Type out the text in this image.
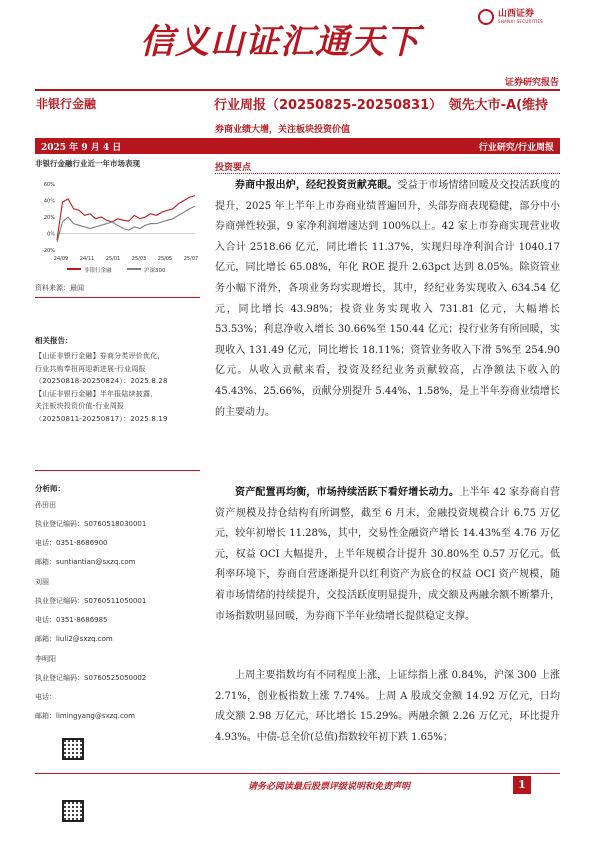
信义山证汇通天下
山西证券
SHANXI SECURITIES
证券研究报告
非银行金融	行业周报（20250825-20250831）　领先大市-A(维持
券商业绩大增，关注板块投资价值
2025 年 9 月 4 日	行业研究/行业周报
非银行金融行业近一年市场表现
60%
40%
20%
0%
-20%
24/09 24/11 25/01 25/03 25/05 25/07
非银行金融	沪深300
资料来源：最闻
相关报告：
【山证非银行金融】券商分类评价优化，
行业共购奉扭再迎新进展-行业周报
（20250818-20250824）：2025.8.28
【山证非银行金融】半年报陆续披露，
关注板块投资价值-行业周报
（20250811-20250817）：2025.8.19
分析师：
孙田田
执业登记编码：S0760518030001
电话：0351-8686900
邮箱：suntiantian@sxzq.com
刘丽
执业登记编码：S0760511050001
电话：0351-8686985
邮箱：liuli2@sxzq.com
李明阳
执业登记编码：S0760525050002
电话：
邮箱：limingyang@sxzq.com
投资要点
券商中报出炉，经纪投资贡献亮眼。受益于市场情绪回暖及交投活跃度的提升，2025 年上半年上市券商业绩普遍回升，头部券商表现稳健，部分中小券商弹性较强，9 家净利润增速达到 100%以上。42 家上市券商实现营业收入合计 2518.66 亿元，同比增长 11.37%，实现归母净利润合计 1040.17 亿元，同比增长 65.08%，年化 ROE 提升 2.63pct 达到 8.05%。除资管业务小幅下滑外，各项业务均实现增长，其中，经纪业务实现收入 634.54 亿元，同比增长 43.98%；投资业务实现收入 731.81 亿元，大幅增长 53.53%；利息净收入增长 30.66%至 150.44 亿元；投行业务有所回暖，实现收入 131.49 亿元，同比增长 18.11%；资管业务收入下滑 5%至 254.90 亿元。从收入贡献来看，投资及经纪业务贡献较高，占净额法下收入的 45.43%、25.66%，贡献分别提升 5.44%、1.58%，是上半年券商业绩增长的主要动力。
资产配置再均衡，市场持续活跃下看好增长动力。上半年 42 家券商自营资产规模及持仓结构有所调整，截至 6 月末，金融投资规模合计 6.75 万亿元，较年初增长 11.28%，其中，交易性金融资产增长 14.43%至 4.76 万亿元，权益 OCI 大幅提升，上半年规模合计提升 30.80%至 0.57 万亿元。低利率环境下，券商自营逐渐提升以红利资产为底仓的权益 OCI 资产规模，随着市场情绪的持续提升，交投活跃度明显提升，成交额及两融余额不断攀升，市场指数明显回暖，为券商下半年业绩增长提供稳定支撑。
上周主要指数均有不同程度上涨，上证综指上涨 0.84%，沪深 300 上涨 2.71%，创业板指数上涨 7.74%。上周 A 股成交金额 14.92 万亿元，日均成交额 2.98 万亿元，环比增长 15.29%。两融余额 2.26 万亿元，环比提升 4.93%。中债-总全价(总值)指数较年初下跌 1.65%；
请务必阅读最后股票评级说明和免责声明	1
